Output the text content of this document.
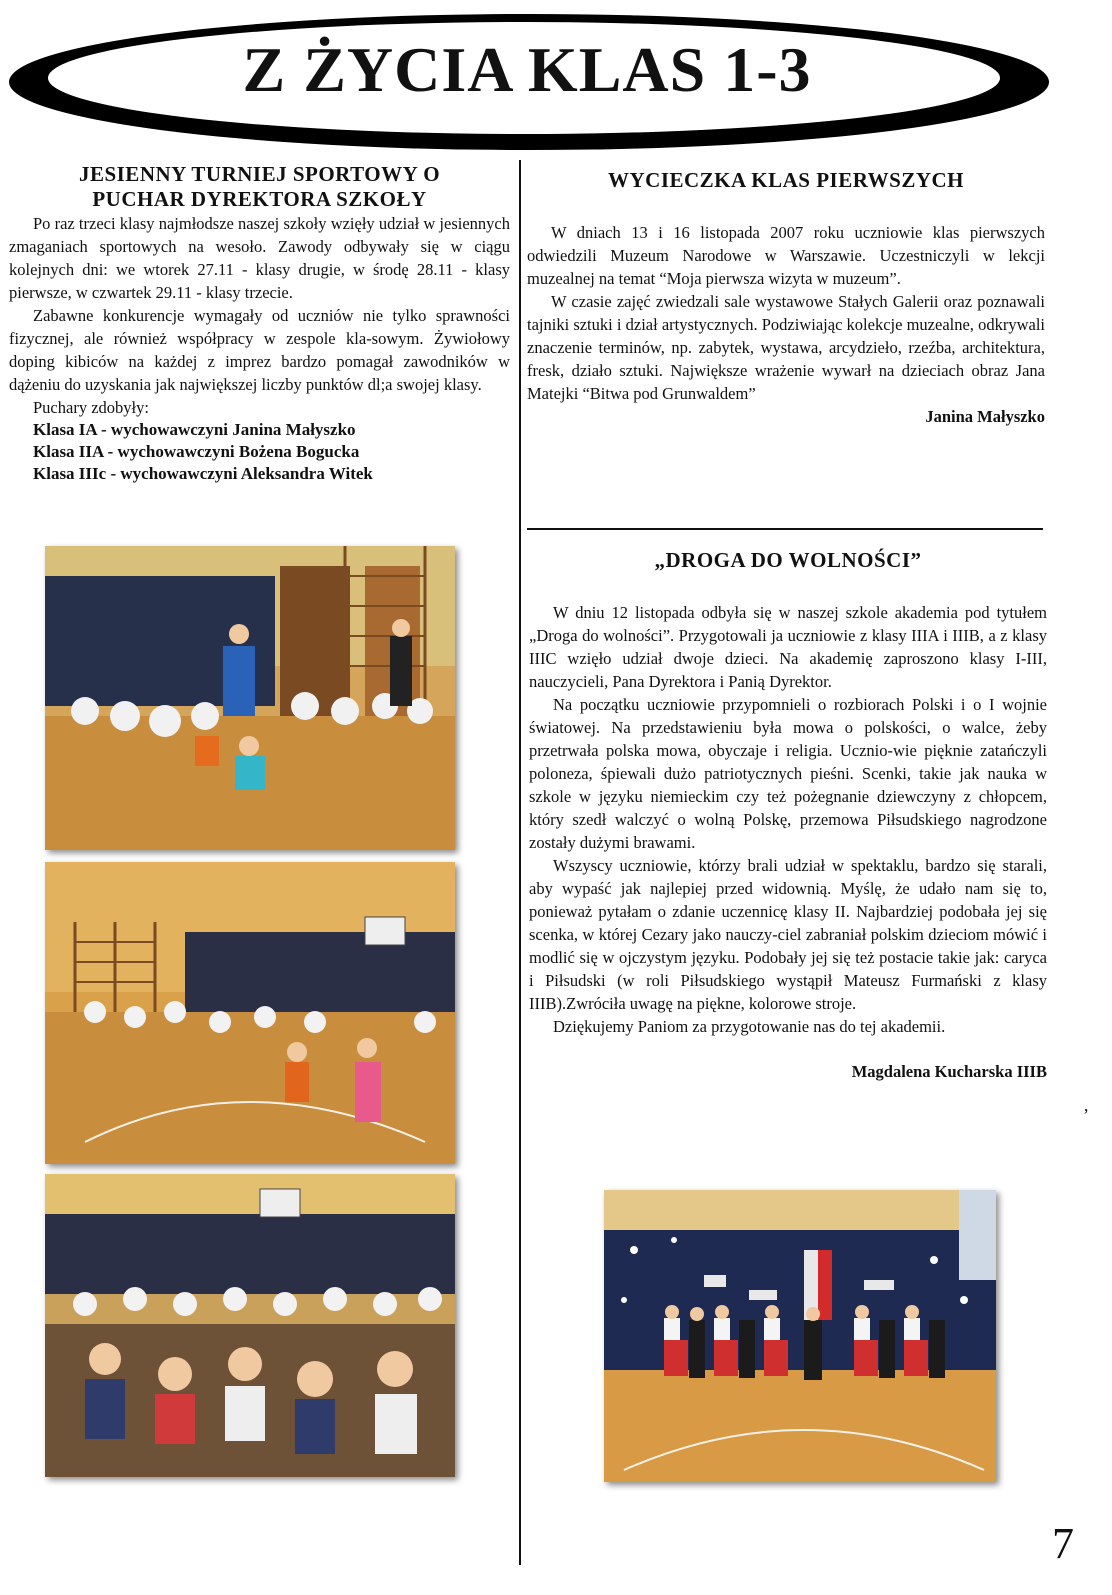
Z ŻYCIA KLAS 1-3
JESIENNY TURNIEJ SPORTOWY O
PUCHAR DYREKTORA SZKOŁY

Po raz trzeci klasy najmłodsze naszej szkoły wzięły udział w jesiennych zmaganiach sportowych na wesoło. Zawody odbywały się w ciągu kolejnych dni: we wtorek 27.11 - klasy drugie, w środę 28.11 - klasy pierwsze, w czwartek 29.11 - klasy trzecie.

Zabawne konkurencje wymagały od uczniów nie tylko sprawności fizycznej, ale również współpracy w zespole kla-sowym. Żywiołowy doping kibiców na każdej z imprez bardzo pomagał zawodników w dążeniu do uzyskania jak największej liczby punktów dl;a swojej klasy.

Puchary zdobyły:

Klasa IA - wychowawczyni Janina Małyszko

Klasa IIA - wychowawczyni Bożena Bogucka

Klasa IIIc - wychowawczyni Aleksandra Witek

WYCIECZKA KLAS PIERWSZYCH

W dniach 13 i 16 listopada 2007 roku uczniowie klas pierwszych odwiedzili Muzeum Narodowe w Warszawie. Uczestniczyli w lekcji muzealnej na temat “Moja pierwsza wizyta w muzeum”.

W czasie zajęć zwiedzali sale wystawowe Stałych Galerii oraz poznawali tajniki sztuki i dział artystycznych. Podziwiając kolekcje muzealne, odkrywali znaczenie terminów, np. zabytek, wystawa, arcydzieło, rzeźba, architektura, fresk, działo sztuki. Największe wrażenie wywarł na dzieciach obraz Jana Matejki “Bitwa pod Grunwaldem”

Janina Małyszko

„DROGA DO WOLNOŚCI”

W dniu 12 listopada odbyła się w naszej szkole akademia pod tytułem „Droga do wolności”. Przygotowali ja uczniowie z klasy IIIA i IIIB, a z klasy IIIC wzięło udział dwoje dzieci. Na akademię zaproszono klasy I-III, nauczycieli, Pana Dyrektora i Panią Dyrektor.

Na początku uczniowie przypomnieli o rozbiorach Polski i o I wojnie światowej. Na przedstawieniu była mowa o polskości, o walce, żeby przetrwała polska mowa, obyczaje i religia. Ucznio-wie pięknie zatańczyli poloneza, śpiewali dużo patriotycznych pieśni. Scenki, takie jak nauka w szkole w języku niemieckim czy też pożegnanie dziewczyny z chłopcem, który szedł walczyć o wolną Polskę, przemowa Piłsudskiego nagrodzone zostały dużymi brawami.

Wszyscy uczniowie, którzy brali udział w spektaklu, bardzo się starali, aby wypaść jak najlepiej przed widownią. Myślę, że udało nam się to, ponieważ pytałam o zdanie uczennicę klasy II. Najbardziej podobała jej się scenka, w której Cezary jako nauczy-ciel zabraniał polskim dzieciom mówić i modlić się w ojczystym języku. Podobały jej się też postacie takie jak: caryca i Piłsudski (w roli Piłsudskiego wystąpił Mateusz Furmański z klasy IIIB).Zwróciła uwagę na piękne, kolorowe stroje.

Dziękujemy Paniom za przygotowanie nas do tej akademii.

Magdalena Kucharska IIIB

‚
7
